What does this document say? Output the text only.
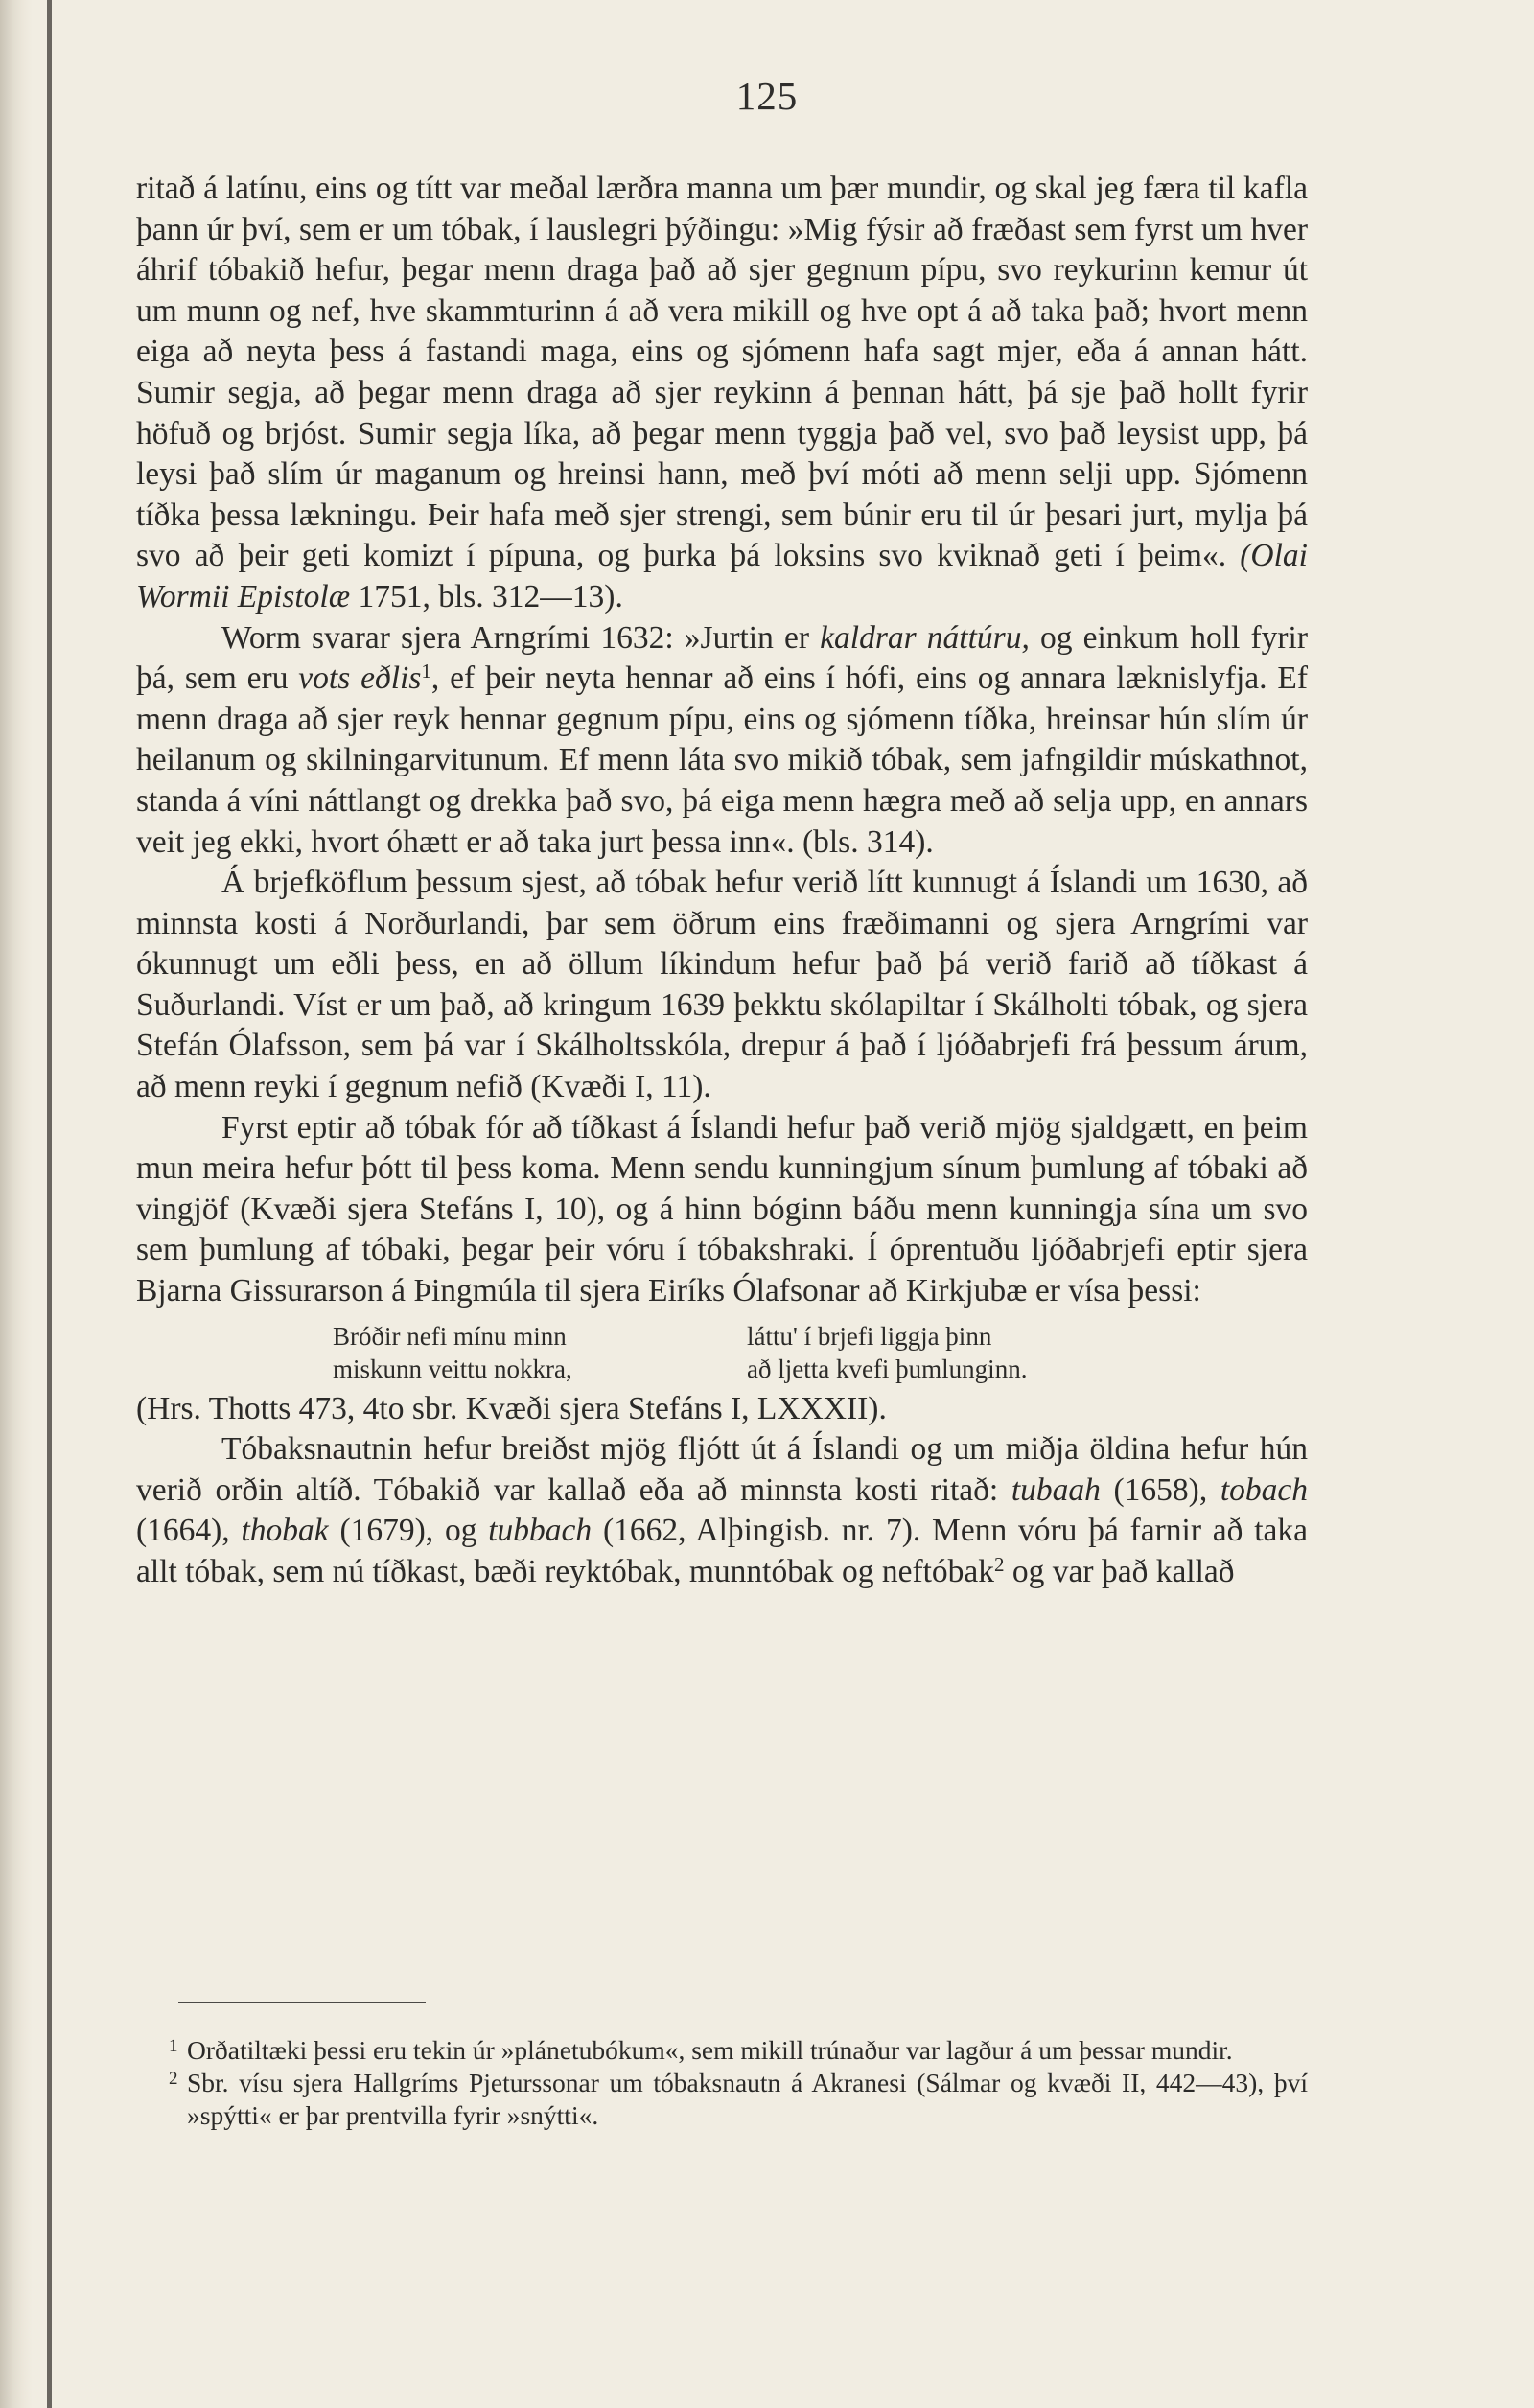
125

ritað á latínu, eins og títt var meðal lærðra manna um þær mundir, og skal jeg færa til kafla þann úr því, sem er um tóbak, í lauslegri þýðingu: »Mig fýsir að fræðast sem fyrst um hver áhrif tóbakið hefur, þegar menn draga það að sjer gegnum pípu, svo reykurinn kemur út um munn og nef, hve skammturinn á að vera mikill og hve opt á að taka það; hvort menn eiga að neyta þess á fastandi maga, eins og sjómenn hafa sagt mjer, eða á annan hátt. Sumir segja, að þegar menn draga að sjer reykinn á þennan hátt, þá sje það hollt fyrir höfuð og brjóst. Sumir segja líka, að þegar menn tyggja það vel, svo það leysist upp, þá leysi það slím úr maganum og hreinsi hann, með því móti að menn selji upp. Sjómenn tíðka þessa lækningu. Þeir hafa með sjer strengi, sem búnir eru til úr þesari jurt, mylja þá svo að þeir geti komizt í pípuna, og þurka þá loksins svo kviknað geti í þeim«. (Olai Wormii Epistolæ 1751, bls. 312—13).

Worm svarar sjera Arngrími 1632: »Jurtin er kaldrar náttúru, og einkum holl fyrir þá, sem eru vots eðlis$^1$, ef þeir neyta hennar að eins í hófi, eins og annara læknislyfja. Ef menn draga að sjer reyk hennar gegnum pípu, eins og sjómenn tíðka, hreinsar hún slím úr heilanum og skilningarvitunum. Ef menn láta svo mikið tóbak, sem jafngildir múskathnot, standa á víni náttlangt og drekka það svo, þá eiga menn hægra með að selja upp, en annars veit jeg ekki, hvort óhætt er að taka jurt þessa inn«. (bls. 314).

Á brjefköflum þessum sjest, að tóbak hefur verið lítt kunnugt á Íslandi um 1630, að minnsta kosti á Norðurlandi, þar sem öðrum eins fræðimanni og sjera Arngrími var ókunnugt um eðli þess, en að öllum líkindum hefur það þá verið farið að tíðkast á Suðurlandi. Víst er um það, að kringum 1639 þekktu skólapiltar í Skálholti tóbak, og sjera Stefán Ólafsson, sem þá var í Skálholtsskóla, drepur á það í ljóðabrjefi frá þessum árum, að menn reyki í gegnum nefið (Kvæði I, 11).

Fyrst eptir að tóbak fór að tíðkast á Íslandi hefur það verið mjög sjaldgætt, en þeim mun meira hefur þótt til þess koma. Menn sendu kunningjum sínum þumlung af tóbaki að vingjöf (Kvæði sjera Stefáns I, 10), og á hinn bóginn báðu menn kunningja sína um svo sem þumlung af tóbaki, þegar þeir vóru í tóbakshraki. Í óprentuðu ljóðabrjefi eptir sjera Bjarna Gissurarson á Þingmúla til sjera Eiríks Ólafsonar að Kirkjubæ er vísa þessi:

Bróðir nefi mínu minn
miskunn veittu nokkra,
láttu' í brjefi liggja þinn
að ljetta kvefi þumlunginn.

(Hrs. Thotts 473, 4to sbr. Kvæði sjera Stefáns I, LXXXII).

Tóbaksnautnin hefur breiðst mjög fljótt út á Íslandi og um miðja öldina hefur hún verið orðin altíð. Tóbakið var kallað eða að minnsta kosti ritað: tubaah (1658), tobach (1664), thobak (1679), og tubbach (1662, Alþingisb. nr. 7). Menn vóru þá farnir að taka allt tóbak, sem nú tíðkast, bæði reyktóbak, munntóbak og neftóbak$^2$ og var það kallað

1 Orðatiltæki þessi eru tekin úr »plánetubókum«, sem mikill trúnaður var lagður á um þessar mundir.
2 Sbr. vísu sjera Hallgríms Pjeturssonar um tóbaksnautn á Akranesi (Sálmar og kvæði II, 442—43), því »spýtti« er þar prentvilla fyrir »snýtti«.
